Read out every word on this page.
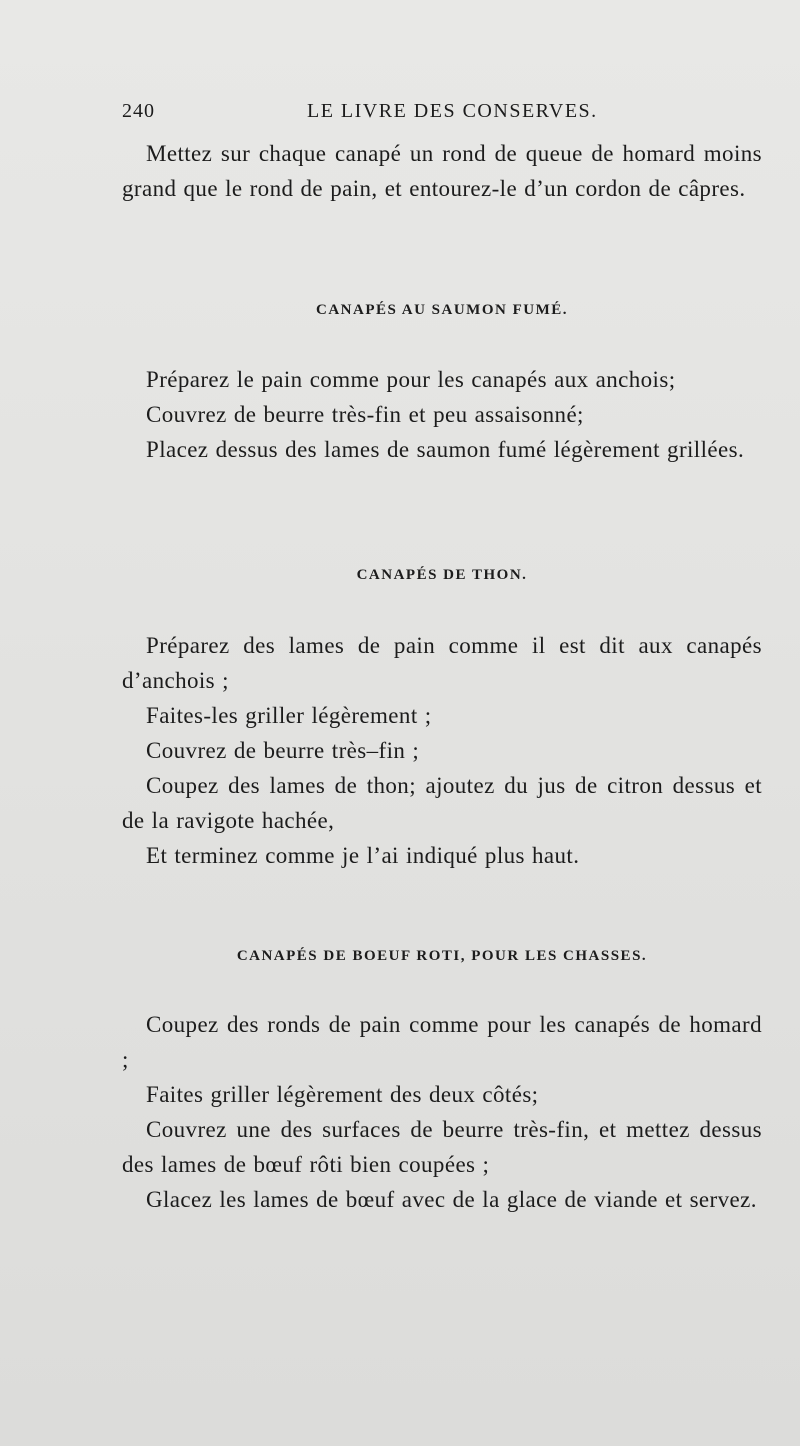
240	LE LIVRE DES CONSERVES.

Mettez sur chaque canapé un rond de queue de homard moins grand que le rond de pain, et entourez-le d’un cordon de câpres.

CANAPÉS AU SAUMON FUMÉ.

Préparez le pain comme pour les canapés aux anchois;

Couvrez de beurre très-fin et peu assaisonné;

Placez dessus des lames de saumon fumé légèrement grillées.

CANAPÉS DE THON.

Préparez des lames de pain comme il est dit aux canapés d’anchois ;

Faites-les griller légèrement ;

Couvrez de beurre très–fin ;

Coupez des lames de thon; ajoutez du jus de citron dessus et de la ravigote hachée,

Et terminez comme je l’ai indiqué plus haut.

CANAPÉS DE BOEUF ROTI, POUR LES CHASSES.

Coupez des ronds de pain comme pour les canapés de homard ;

Faites griller légèrement des deux côtés;

Couvrez une des surfaces de beurre très-fin, et mettez dessus des lames de bœuf rôti bien coupées ;

Glacez les lames de bœuf avec de la glace de viande et servez.
